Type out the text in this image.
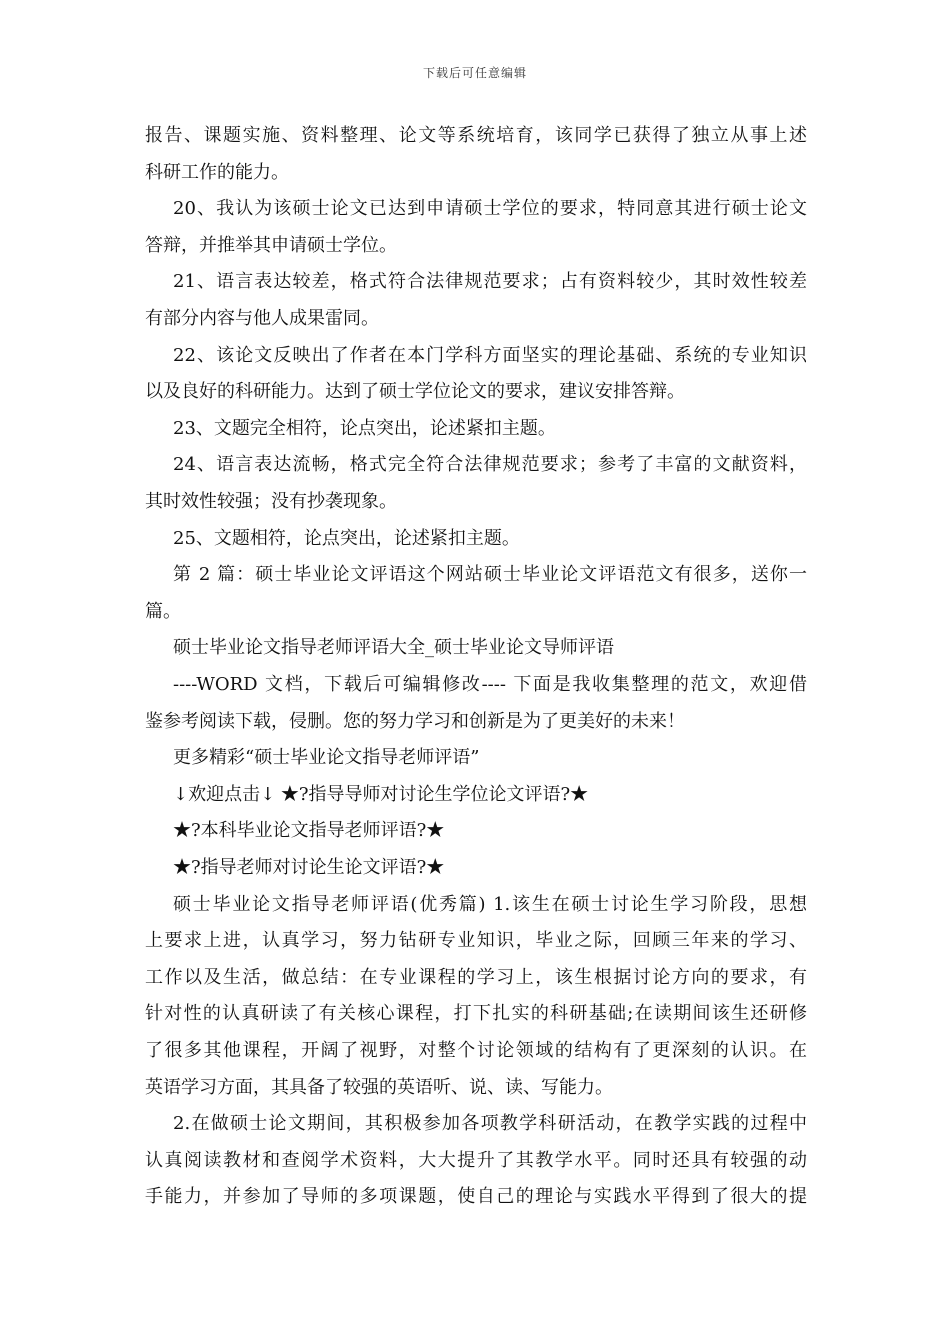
下载后可任意编辑
报告、课题实施、资料整理、论文等系统培育，该同学已获得了独立从事上述
科研工作的能力。
20、我认为该硕士论文已达到申请硕士学位的要求，特同意其进行硕士论文
答辩，并推举其申请硕士学位。
21、语言表达较差，格式符合法律规范要求；占有资料较少，其时效性较差
有部分内容与他人成果雷同。
22、该论文反映出了作者在本门学科方面坚实的理论基础、系统的专业知识
以及良好的科研能力。达到了硕士学位论文的要求，建议安排答辩。
23、文题完全相符，论点突出，论述紧扣主题。
24、语言表达流畅，格式完全符合法律规范要求；参考了丰富的文献资料，
其时效性较强；没有抄袭现象。
25、文题相符，论点突出，论述紧扣主题。
第 2 篇：硕士毕业论文评语这个网站硕士毕业论文评语范文有很多，送你一
篇。
硕士毕业论文指导老师评语大全_硕士毕业论文导师评语
----WORD 文档，下载后可编辑修改---- 下面是我收集整理的范文，欢迎借
鉴参考阅读下载，侵删。您的努力学习和创新是为了更美好的未来！
更多精彩“硕士毕业论文指导老师评语”
↓欢迎点击↓ ★?指导导师对讨论生学位论文评语?★
★?本科毕业论文指导老师评语?★
★?指导老师对讨论生论文评语?★
硕士毕业论文指导老师评语(优秀篇) 1.该生在硕士讨论生学习阶段，思想
上要求上进，认真学习，努力钻研专业知识，毕业之际，回顾三年来的学习、
工作以及生活，做总结：在专业课程的学习上，该生根据讨论方向的要求，有
针对性的认真研读了有关核心课程，打下扎实的科研基础;在读期间该生还研修
了很多其他课程，开阔了视野，对整个讨论领域的结构有了更深刻的认识。在
英语学习方面，其具备了较强的英语听、说、读、写能力。
2.在做硕士论文期间，其积极参加各项教学科研活动，在教学实践的过程中
认真阅读教材和查阅学术资料，大大提升了其教学水平。同时还具有较强的动
手能力，并参加了导师的多项课题，使自己的理论与实践水平得到了很大的提
